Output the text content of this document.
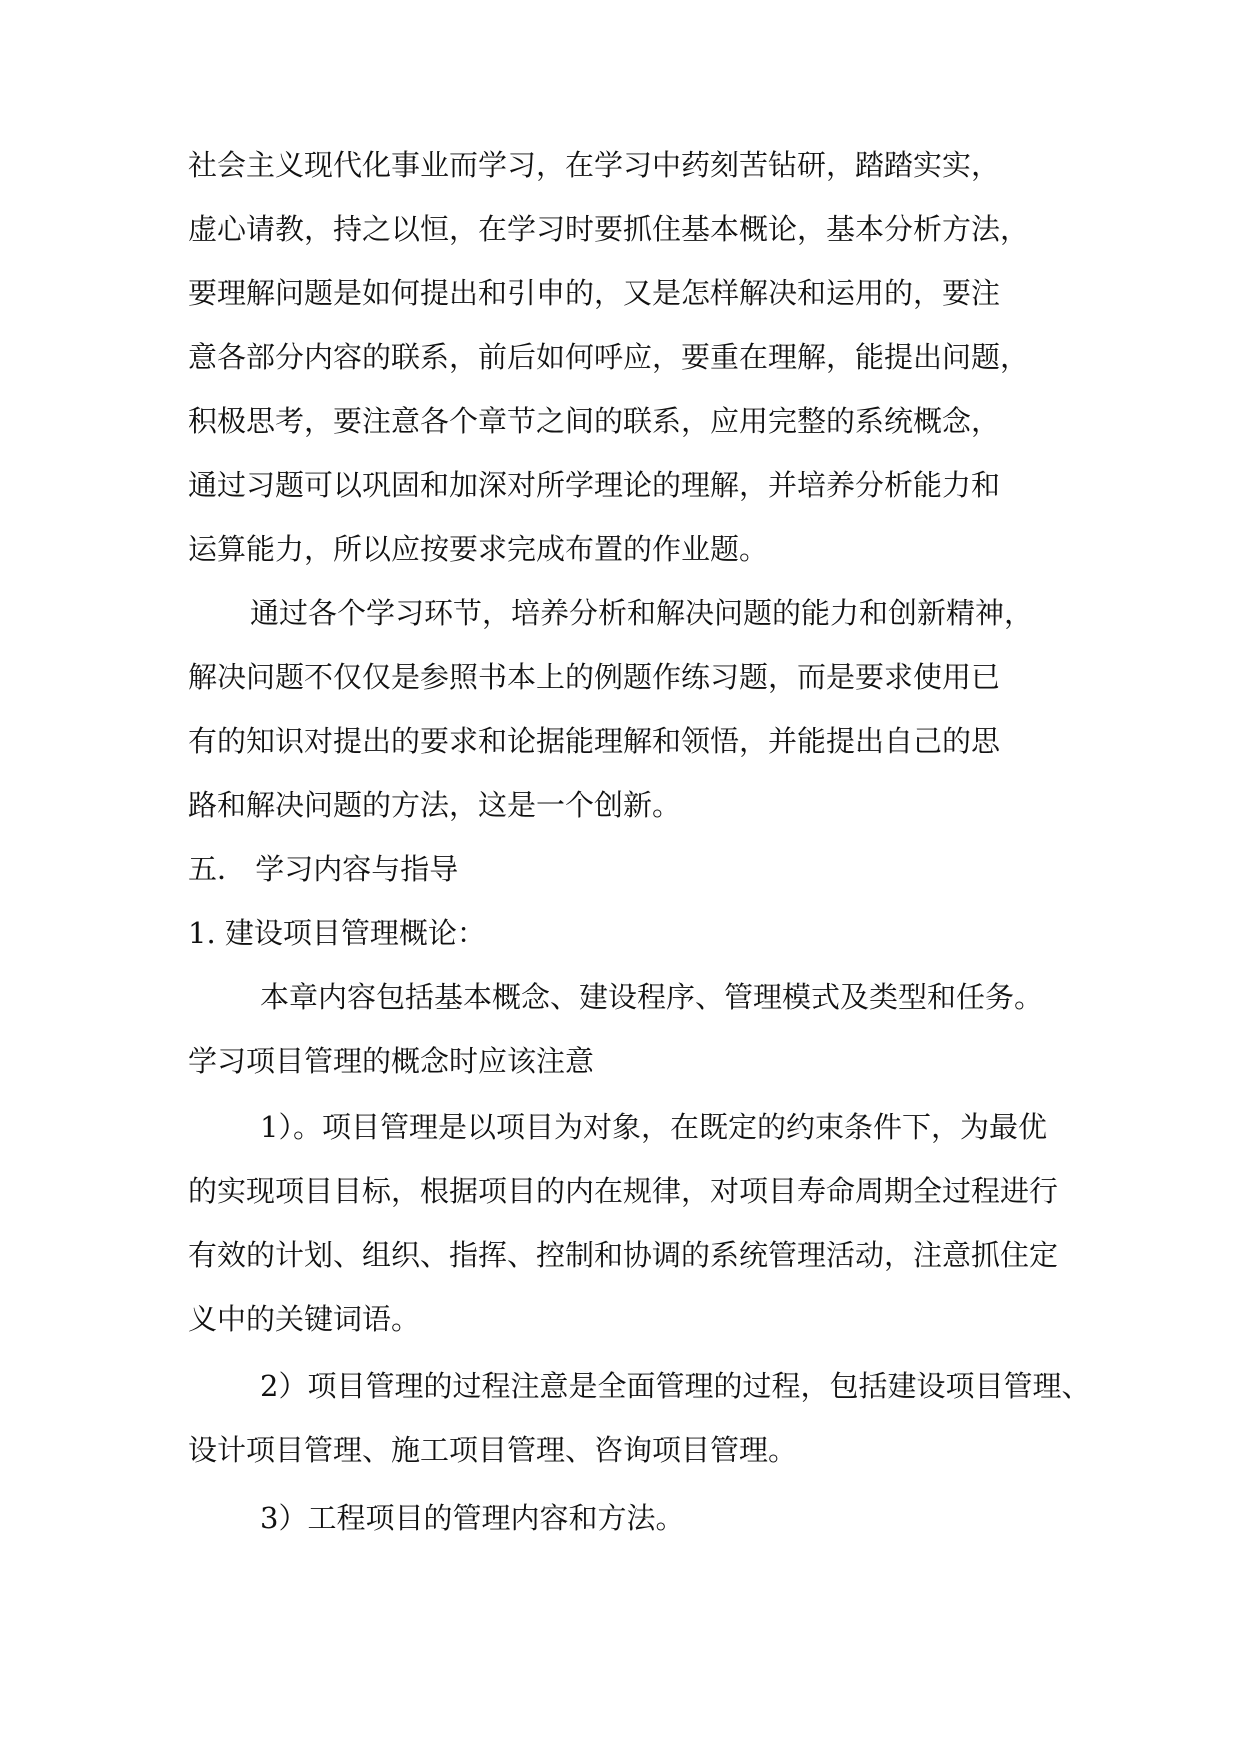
社会主义现代化事业而学习，在学习中药刻苦钻研，踏踏实实，
虚心请教，持之以恒，在学习时要抓住基本概论，基本分析方法，
要理解问题是如何提出和引申的，又是怎样解决和运用的，要注
意各部分内容的联系，前后如何呼应，要重在理解，能提出问题，
积极思考，要注意各个章节之间的联系，应用完整的系统概念，
通过习题可以巩固和加深对所学理论的理解，并培养分析能力和
运算能力，所以应按要求完成布置的作业题。
通过各个学习环节，培养分析和解决问题的能力和创新精神，
解决问题不仅仅是参照书本上的例题作练习题，而是要求使用已
有的知识对提出的要求和论据能理解和领悟，并能提出自己的思
路和解决问题的方法，这是一个创新。
五． 学习内容与指导
1. 建设项目管理概论：
本章内容包括基本概念、建设程序、管理模式及类型和任务。
学习项目管理的概念时应该注意
1）。项目管理是以项目为对象，在既定的约束条件下，为最优
的实现项目目标，根据项目的内在规律，对项目寿命周期全过程进行
有效的计划、组织、指挥、控制和协调的系统管理活动，注意抓住定
义中的关键词语。
2）项目管理的过程注意是全面管理的过程，包括建设项目管理、
设计项目管理、施工项目管理、咨询项目管理。
3）工程项目的管理内容和方法。
